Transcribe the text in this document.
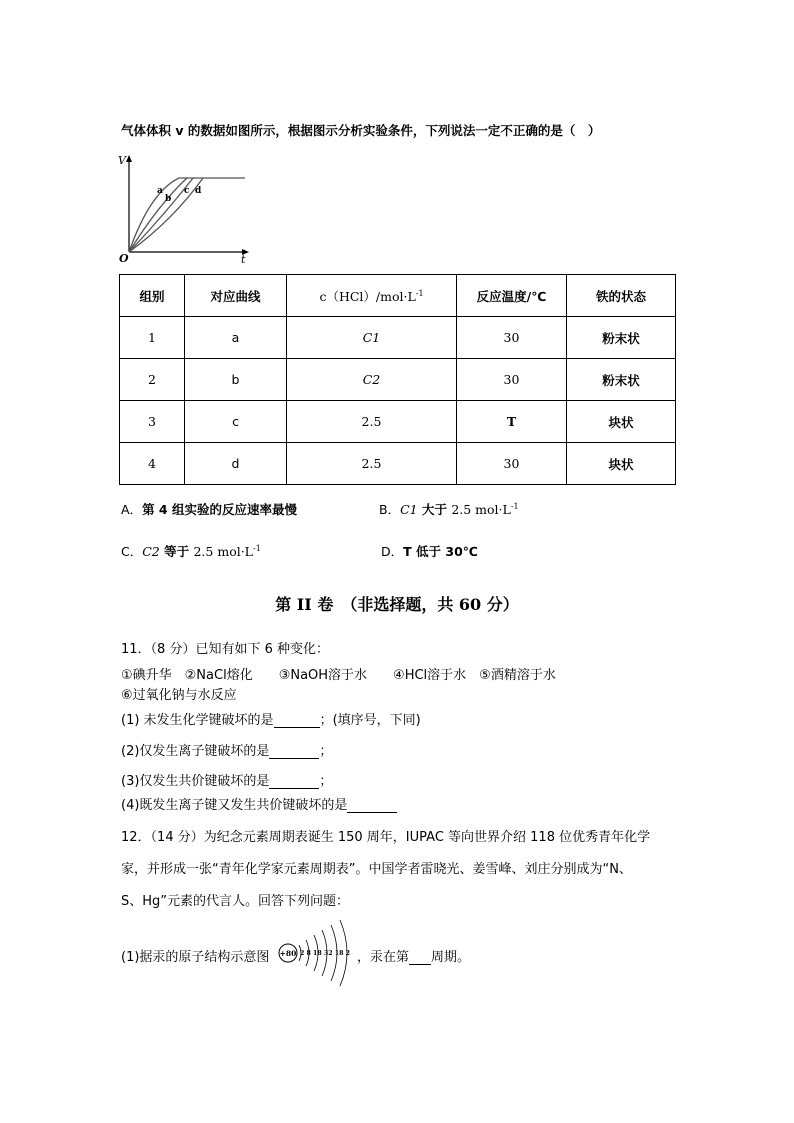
气体体积 v 的数据如图所示，根据图示分析实验条件，下列说法一定不正确的是（　）
V
t
O
a
b
c d
组别	对应曲线	$c(HCl)/mol\cdot L^{-1}$	反应温度/℃	铁的状态
1	a	C1	30	粉末状
2	b	C2	30	粉末状
3	c	2.5	T	块状
4	d	2.5	30	块状
A．第 4 组实验的反应速率最慢	B．C1 大于 2.5 $mol\cdot L^{-1}$
C．C2 等于 2.5 $mol\cdot L^{-1}$	D．T 低于 30℃
第 II 卷　（非选择题，共 60 分）
11．（8 分）已知有如下 6 种变化：
①碘升华　②NaCl熔化　　③NaOH溶于水　　④HCl溶于水　⑤酒精溶于水
⑥过氧化钠与水反应
(1) 未发生化学键破坏的是	；(填序号，下同)
(2)仅发生离子键破坏的是	；
(3)仅发生共价键破坏的是	；
(4)既发生离子键又发生共价键破坏的是
12．（14 分）为纪念元素周期表诞生 150 周年，IUPAC 等向世界介绍 118 位优秀青年化学
家，并形成一张“青年化学家元素周期表”。中国学者雷晓光、姜雪峰、刘庄分别成为“N、
S、Hg”元素的代言人。回答下列问题：
(1)据汞的原子结构示意图 +80 2 8 18 32 18 2 ，汞在第 周期。
